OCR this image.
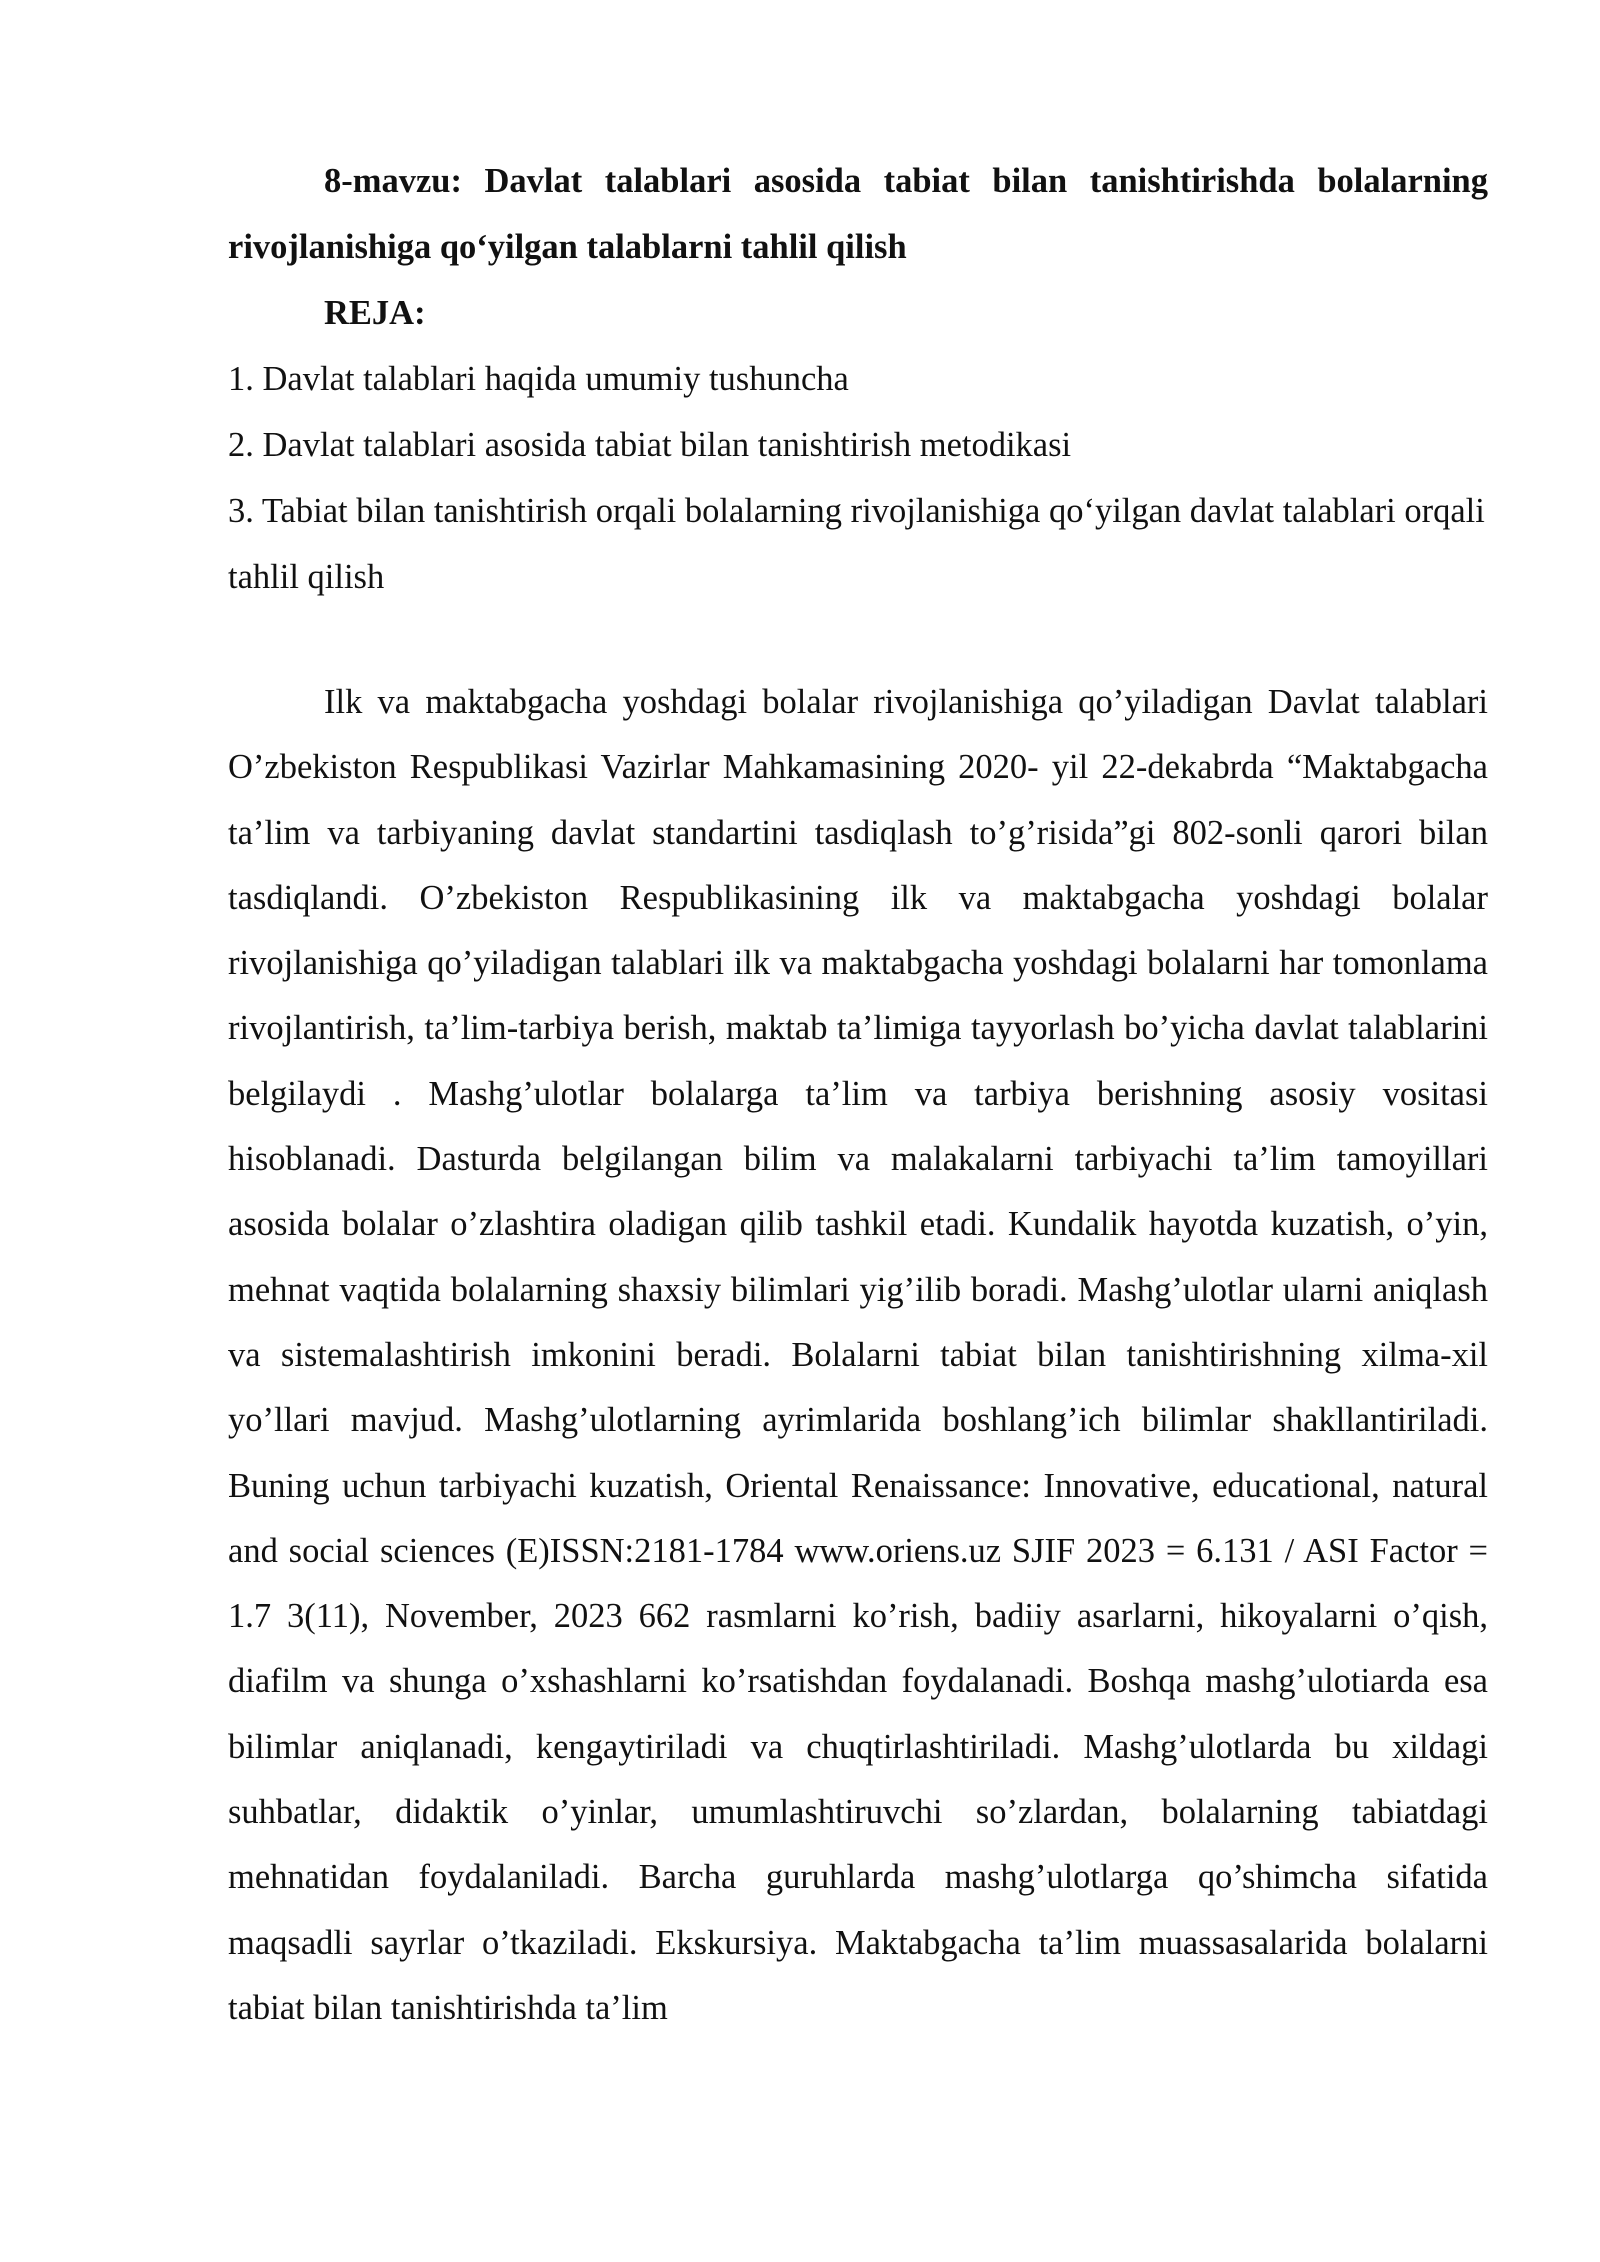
8-mavzu: Davlat talablari asosida tabiat bilan tanishtirishda bolalarning rivojlanishiga qo‘yilgan talablarni tahlil qilish

REJA:

1. Davlat talablari haqida umumiy tushuncha
2. Davlat talablari asosida tabiat bilan tanishtirish metodikasi
3. Tabiat bilan tanishtirish orqali bolalarning rivojlanishiga qo‘yilgan davlat talablari orqali tahlil qilish

Ilk va maktabgacha yoshdagi bolalar rivojlanishiga qo’yiladigan Davlat talablari O’zbekiston Respublikasi Vazirlar Mahkamasining 2020- yil 22-dekabrda “Maktabgacha ta’lim va tarbiyaning davlat standartini tasdiqlash to’g’risida”gi 802-sonli qarori bilan tasdiqlandi. O’zbekiston Respublikasining ilk va maktabgacha yoshdagi bolalar rivojlanishiga qo’yiladigan talablari ilk va maktabgacha yoshdagi bolalarni har tomonlama rivojlantirish, ta’lim-tarbiya berish, maktab ta’limiga tayyorlash bo’yicha davlat talablarini belgilaydi . Mashg’ulotlar bolalarga ta’lim va tarbiya berishning asosiy vositasi hisoblanadi. Dasturda belgilangan bilim va malakalarni tarbiyachi ta’lim tamoyillari asosida bolalar o’zlashtira oladigan qilib tashkil etadi. Kundalik hayotda kuzatish, o’yin, mehnat vaqtida bolalarning shaxsiy bilimlari yig’ilib boradi. Mashg’ulotlar ularni aniqlash va sistemalashtirish imkonini beradi. Bolalarni tabiat bilan tanishtirishning xilma-xil yo’llari mavjud. Mashg’ulotlarning ayrimlarida boshlang’ich bilimlar shakllantiriladi. Buning uchun tarbiyachi kuzatish, Oriental Renaissance: Innovative, educational, natural and social sciences (E)ISSN:2181-1784 www.oriens.uz SJIF 2023 = 6.131 / ASI Factor = 1.7 3(11), November, 2023 662 rasmlarni ko’rish, badiiy asarlarni, hikoyalarni o’qish, diafilm va shunga o’xshashlarni ko’rsatishdan foydalanadi. Boshqa mashg’ulotiarda esa bilimlar aniqlanadi, kengaytiriladi va chuqtirlashtiriladi. Mashg’ulotlarda bu xildagi suhbatlar, didaktik o’yinlar, umumlashtiruvchi so’zlardan, bolalarning tabiatdagi mehnatidan foydalaniladi. Barcha guruhlarda mashg’ulotlarga qo’shimcha sifatida maqsadli sayrlar o’tkaziladi. Ekskursiya. Maktabgacha ta’lim muassasalarida bolalarni tabiat bilan tanishtirishda ta’lim
